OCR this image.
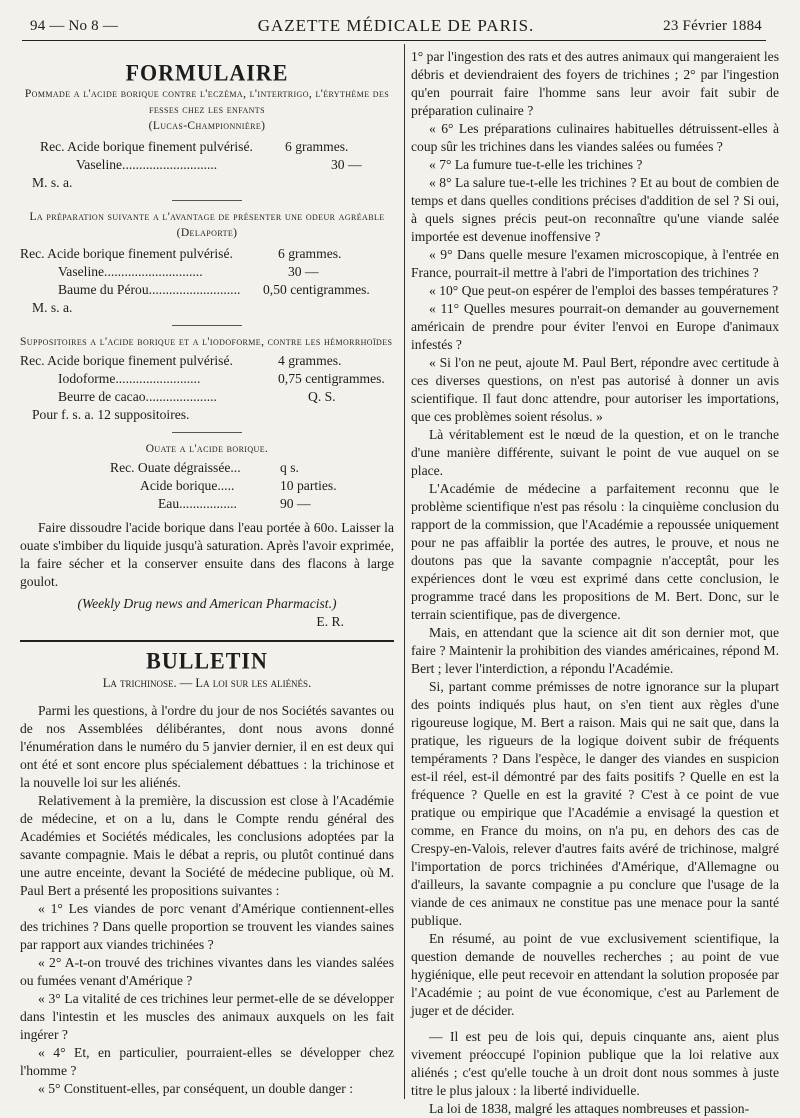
94 — No 8 —	GAZETTE MÉDICALE DE PARIS.	23 Février 1884
FORMULAIRE
Pommade a l'acide borique contre l'eczéma, l'intertrigo, l'érythème des fesses chez les enfants
(Lucas-Championnière)
Rec. Acide borique finement pulvérisé.	6 grammes.
Vaseline............................	30 —
M. s. a.
La préparation suivante a l'avantage de présenter une odeur agréable
(Delaporte)
Rec. Acide borique finement pulvérisé.	6 grammes.
Vaseline.............................	30 —
Baume du Pérou...........................	0,50 centigrammes.
M. s. a.
Suppositoires a l'acide borique et a l'iodoforme, contre les hémorrhoïdes
Rec. Acide borique finement pulvérisé.	4 grammes.
Iodoforme.........................	0,75 centigrammes.
Beurre de cacao.....................	Q. S.
Pour f. s. a. 12 suppositoires.
Ouate a l'acide borique.
Rec. Ouate dégraissée...	q s.
Acide borique.....	10 parties.
Eau.................	90 —

Faire dissoudre l'acide borique dans l'eau portée à 60o. Laisser la ouate s'imbiber du liquide jusqu'à saturation. Après l'avoir exprimée, la faire sécher et la conserver ensuite dans des flacons à large goulot.

(Weekly Drug news and American Pharmacist.)
E. R.
BULLETIN
La trichinose. — La loi sur les aliénés.

Parmi les questions, à l'ordre du jour de nos Sociétés savantes ou de nos Assemblées délibérantes, dont nous avons donné l'énumération dans le numéro du 5 janvier dernier, il en est deux qui ont été et sont encore plus spécialement débattues : la trichinose et la nouvelle loi sur les aliénés.

Relativement à la première, la discussion est close à l'Académie de médecine, et on a lu, dans le Compte rendu général des Académies et Sociétés médicales, les conclusions adoptées par la savante compagnie. Mais le débat a repris, ou plutôt continué dans une autre enceinte, devant la Société de médecine publique, où M. Paul Bert a présenté les propositions suivantes :

« 1° Les viandes de porc venant d'Amérique contiennent-elles des trichines ? Dans quelle proportion se trouvent les viandes saines par rapport aux viandes trichinées ?

« 2° A-t-on trouvé des trichines vivantes dans les viandes salées ou fumées venant d'Amérique ?

« 3° La vitalité de ces trichines leur permet-elle de se développer dans l'intestin et les muscles des animaux auxquels on les fait ingérer ?

« 4° Et, en particulier, pourraient-elles se développer chez l'homme ?

« 5° Constituent-elles, par conséquent, un double danger :

1° par l'ingestion des rats et des autres animaux qui mangeraient les débris et deviendraient des foyers de trichines ; 2° par l'ingestion qu'en pourrait faire l'homme sans leur avoir fait subir de préparation culinaire ?

« 6° Les préparations culinaires habituelles détruissent-elles à coup sûr les trichines dans les viandes salées ou fumées ?

« 7° La fumure tue-t-elle les trichines ?

« 8° La salure tue-t-elle les trichines ? Et au bout de combien de temps et dans quelles conditions précises d'addition de sel ? Si oui, à quels signes précis peut-on reconnaître qu'une viande salée importée est devenue inoffensive ?

« 9° Dans quelle mesure l'examen microscopique, à l'entrée en France, pourrait-il mettre à l'abri de l'importation des trichines ?

« 10° Que peut-on espérer de l'emploi des basses températures ?

« 11° Quelles mesures pourrait-on demander au gouvernement américain de prendre pour éviter l'envoi en Europe d'animaux infestés ?

« Si l'on ne peut, ajoute M. Paul Bert, répondre avec certitude à ces diverses questions, on n'est pas autorisé à donner un avis scientifique. Il faut donc attendre, pour autoriser les importations, que ces problèmes soient résolus. »

Là véritablement est le nœud de la question, et on le tranche d'une manière différente, suivant le point de vue auquel on se place.

L'Académie de médecine a parfaitement reconnu que le problème scientifique n'est pas résolu : la cinquième conclusion du rapport de la commission, que l'Académie a repoussée uniquement pour ne pas affaiblir la portée des autres, le prouve, et nous ne doutons pas que la savante compagnie n'acceptât, pour les expériences dont le vœu est exprimé dans cette conclusion, le programme tracé dans les propositions de M. Bert. Donc, sur le terrain scientifique, pas de divergence.

Mais, en attendant que la science ait dit son dernier mot, que faire ? Maintenir la prohibition des viandes américaines, répond M. Bert ; lever l'interdiction, a répondu l'Académie.

Si, partant comme prémisses de notre ignorance sur la plupart des points indiqués plus haut, on s'en tient aux règles d'une rigoureuse logique, M. Bert a raison. Mais qui ne sait que, dans la pratique, les rigueurs de la logique doivent subir de fréquents tempéraments ? Dans l'espèce, le danger des viandes en suspicion est-il réel, est-il démontré par des faits positifs ? Quelle en est la fréquence ? Quelle en est la gravité ? C'est à ce point de vue pratique ou empirique que l'Académie a envisagé la question et comme, en France du moins, on n'a pu, en dehors des cas de Crespy-en-Valois, relever d'autres faits avéré de trichinose, malgré l'importation de porcs trichinées d'Amérique, d'Allemagne ou d'ailleurs, la savante compagnie a pu conclure que l'usage de la viande de ces animaux ne constitue pas une menace pour la santé publique.

En résumé, au point de vue exclusivement scientifique, la question demande de nouvelles recherches ; au point de vue hygiénique, elle peut recevoir en attendant la solution proposée par l'Académie ; au point de vue économique, c'est au Parlement de juger et de décider.

— Il est peu de lois qui, depuis cinquante ans, aient plus vivement préoccupé l'opinion publique que la loi relative aux aliénés ; c'est qu'elle touche à un droit dont nous sommes à juste titre le plus jaloux : la liberté individuelle.

La loi de 1838, malgré les attaques nombreuses et passion-
